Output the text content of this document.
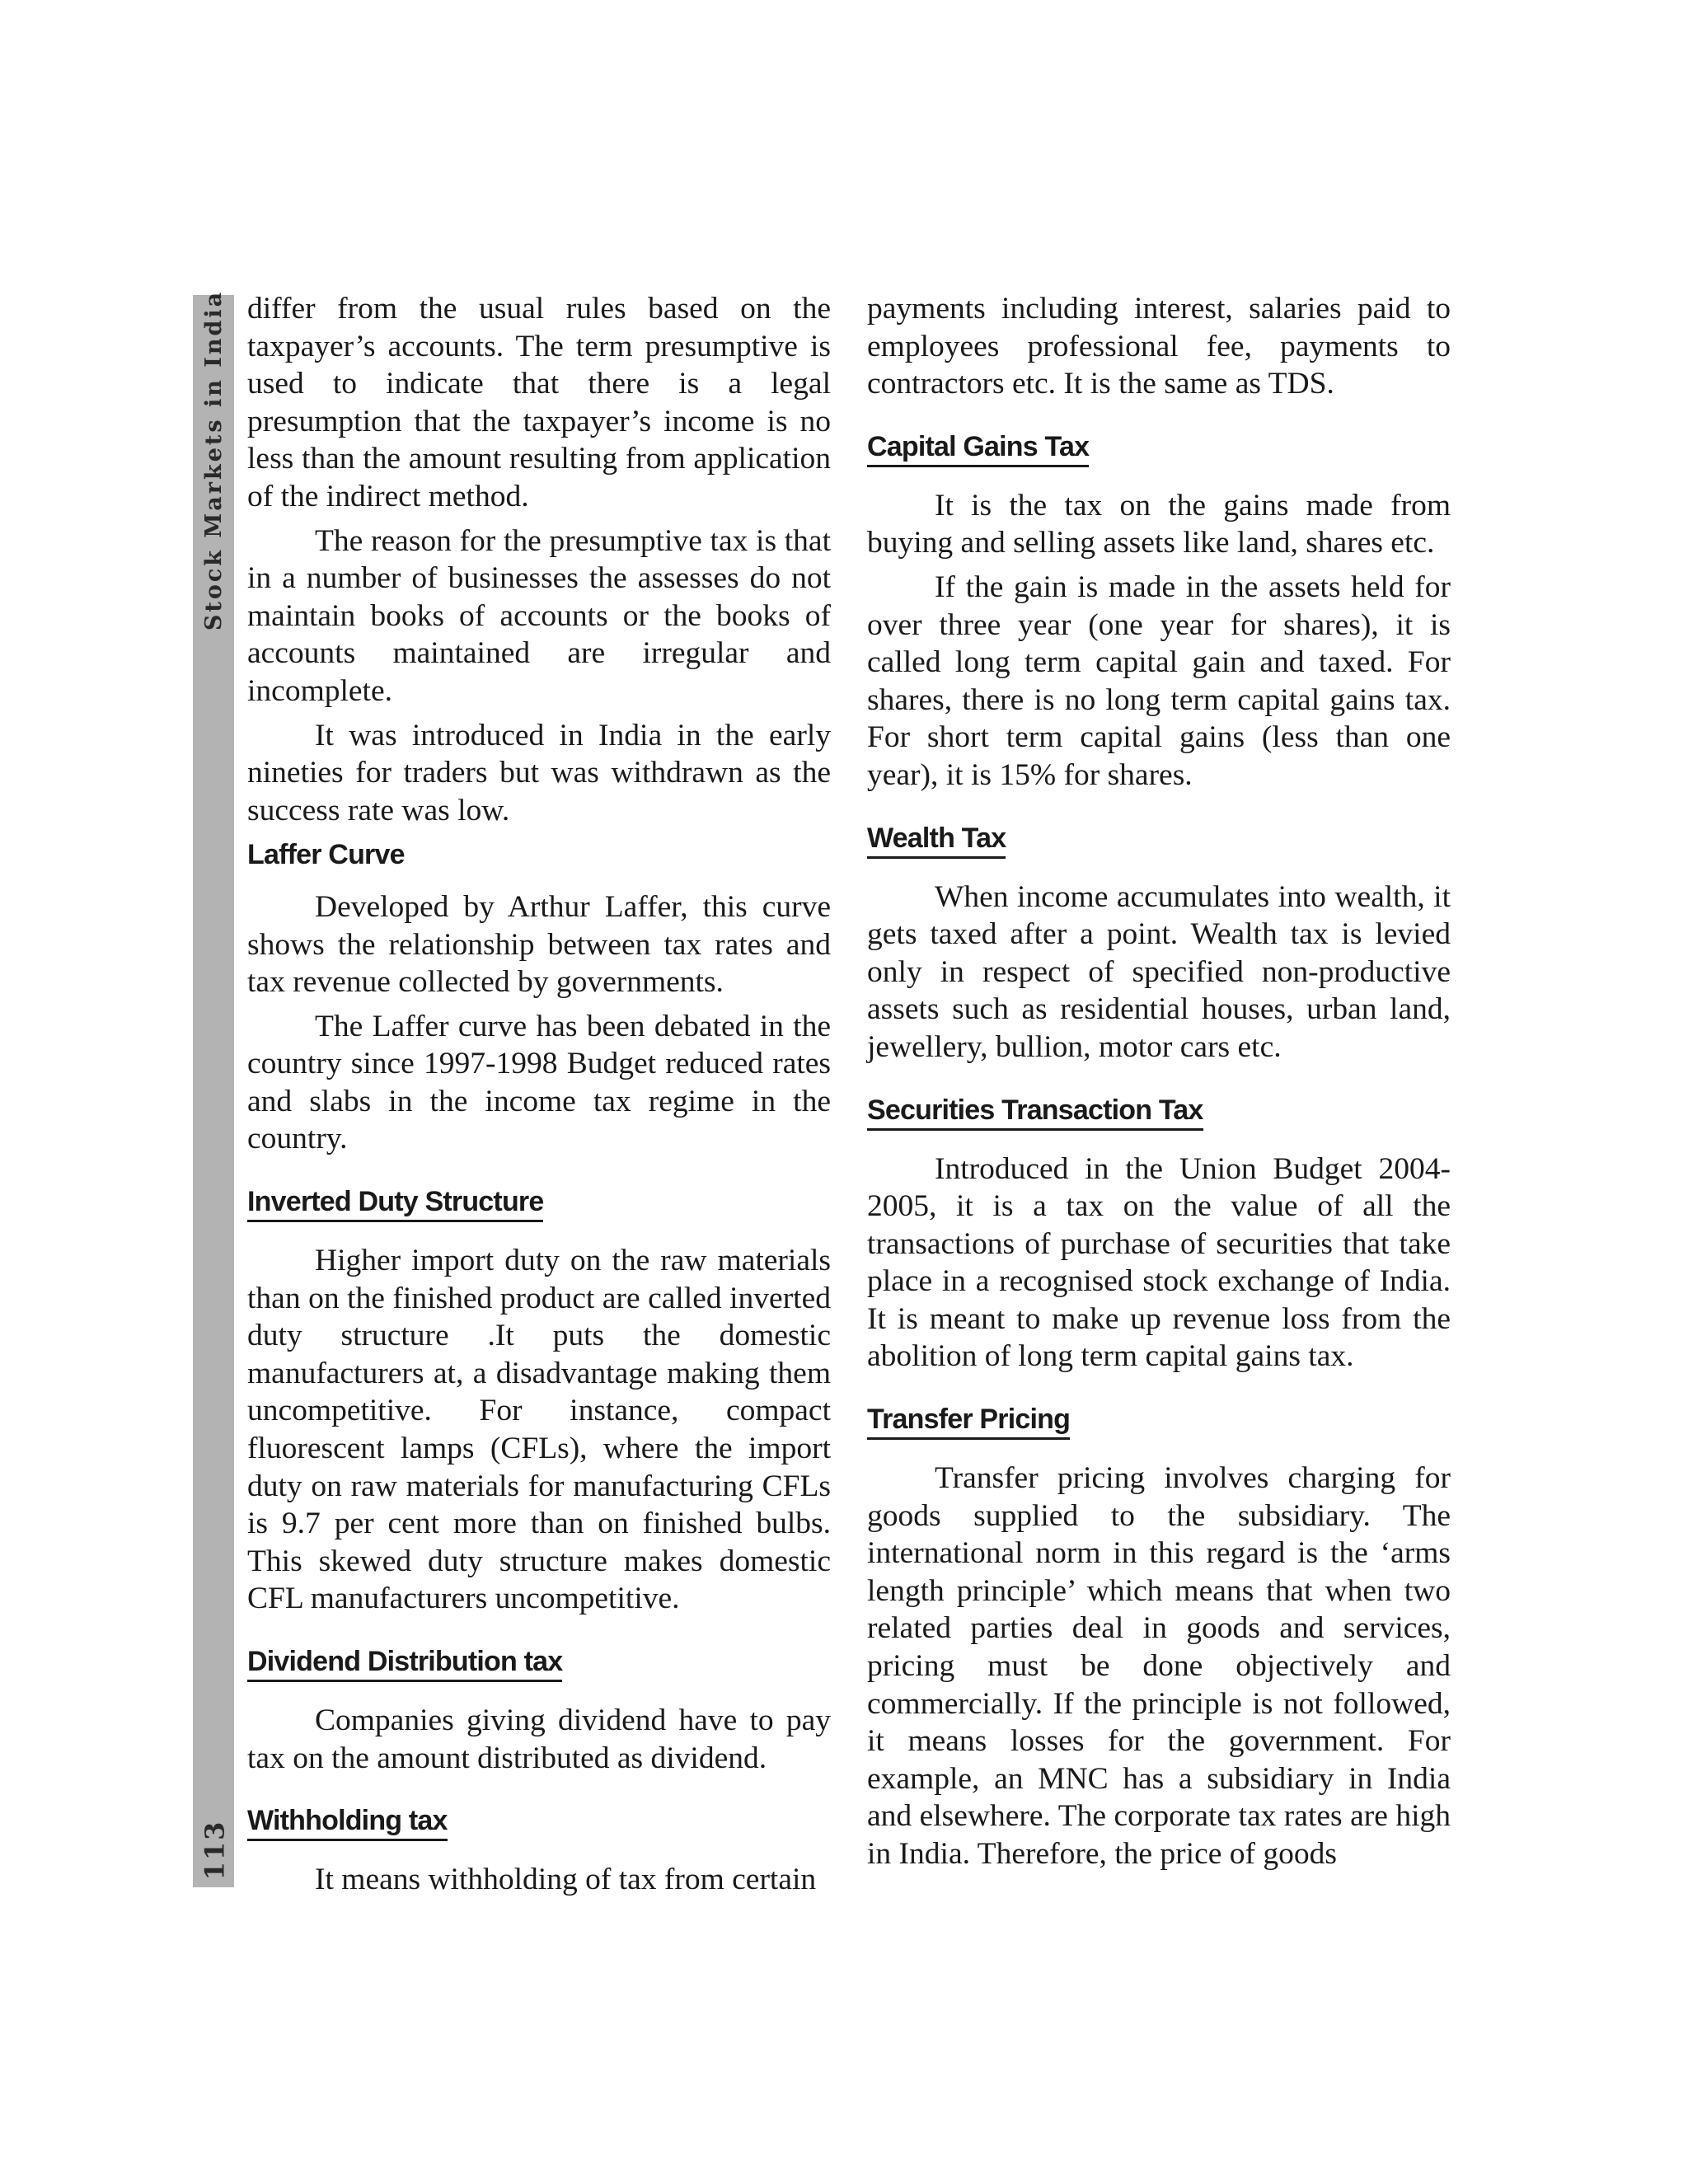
Stock Markets in India
113

differ from the usual rules based on the taxpayer’s accounts. The term presumptive is used to indicate that there is a legal presumption that the taxpayer’s income is no less than the amount resulting from application of the indirect method.

The reason for the presumptive tax is that in a number of businesses the assesses do not maintain books of accounts or the books of accounts maintained are irregular and incomplete.

It was introduced in India in the early nineties for traders but was withdrawn as the success rate was low.

Laffer Curve

Developed by Arthur Laffer, this curve shows the relationship between tax rates and tax revenue collected by governments.

The Laffer curve has been debated in the country since 1997-1998 Budget reduced rates and slabs in the income tax regime in the country.

Inverted Duty Structure

Higher import duty on the raw materials than on the finished product are called inverted duty structure .It puts the domestic manufacturers at, a disadvantage making them uncompetitive. For instance, compact fluorescent lamps (CFLs), where the import duty on raw materials for manufacturing CFLs is 9.7 per cent more than on finished bulbs. This skewed duty structure makes domestic CFL manufacturers uncompetitive.

Dividend Distribution tax

Companies giving dividend have to pay tax on the amount distributed as dividend.

Withholding tax

It means withholding of tax from certain

payments including interest, salaries paid to employees professional fee, payments to contractors etc. It is the same as TDS.

Capital Gains Tax

It is the tax on the gains made from buying and selling assets like land, shares etc.

If the gain is made in the assets held for over three year (one year for shares), it is called long term capital gain and taxed. For shares, there is no long term capital gains tax. For short term capital gains (less than one year), it is 15% for shares.

Wealth Tax

When income accumulates into wealth, it gets taxed after a point. Wealth tax is levied only in respect of specified non-productive assets such as residential houses, urban land, jewellery, bullion, motor cars etc.

Securities Transaction Tax

Introduced in the Union Budget 2004-2005, it is a tax on the value of all the transactions of purchase of securities that take place in a recognised stock exchange of India. It is meant to make up revenue loss from the abolition of long term capital gains tax.

Transfer Pricing

Transfer pricing involves charging for goods supplied to the subsidiary. The international norm in this regard is the ‘arms length principle’ which means that when two related parties deal in goods and services, pricing must be done objectively and commercially. If the principle is not followed, it means losses for the government. For example, an MNC has a subsidiary in India and elsewhere. The corporate tax rates are high in India. Therefore, the price of goods
